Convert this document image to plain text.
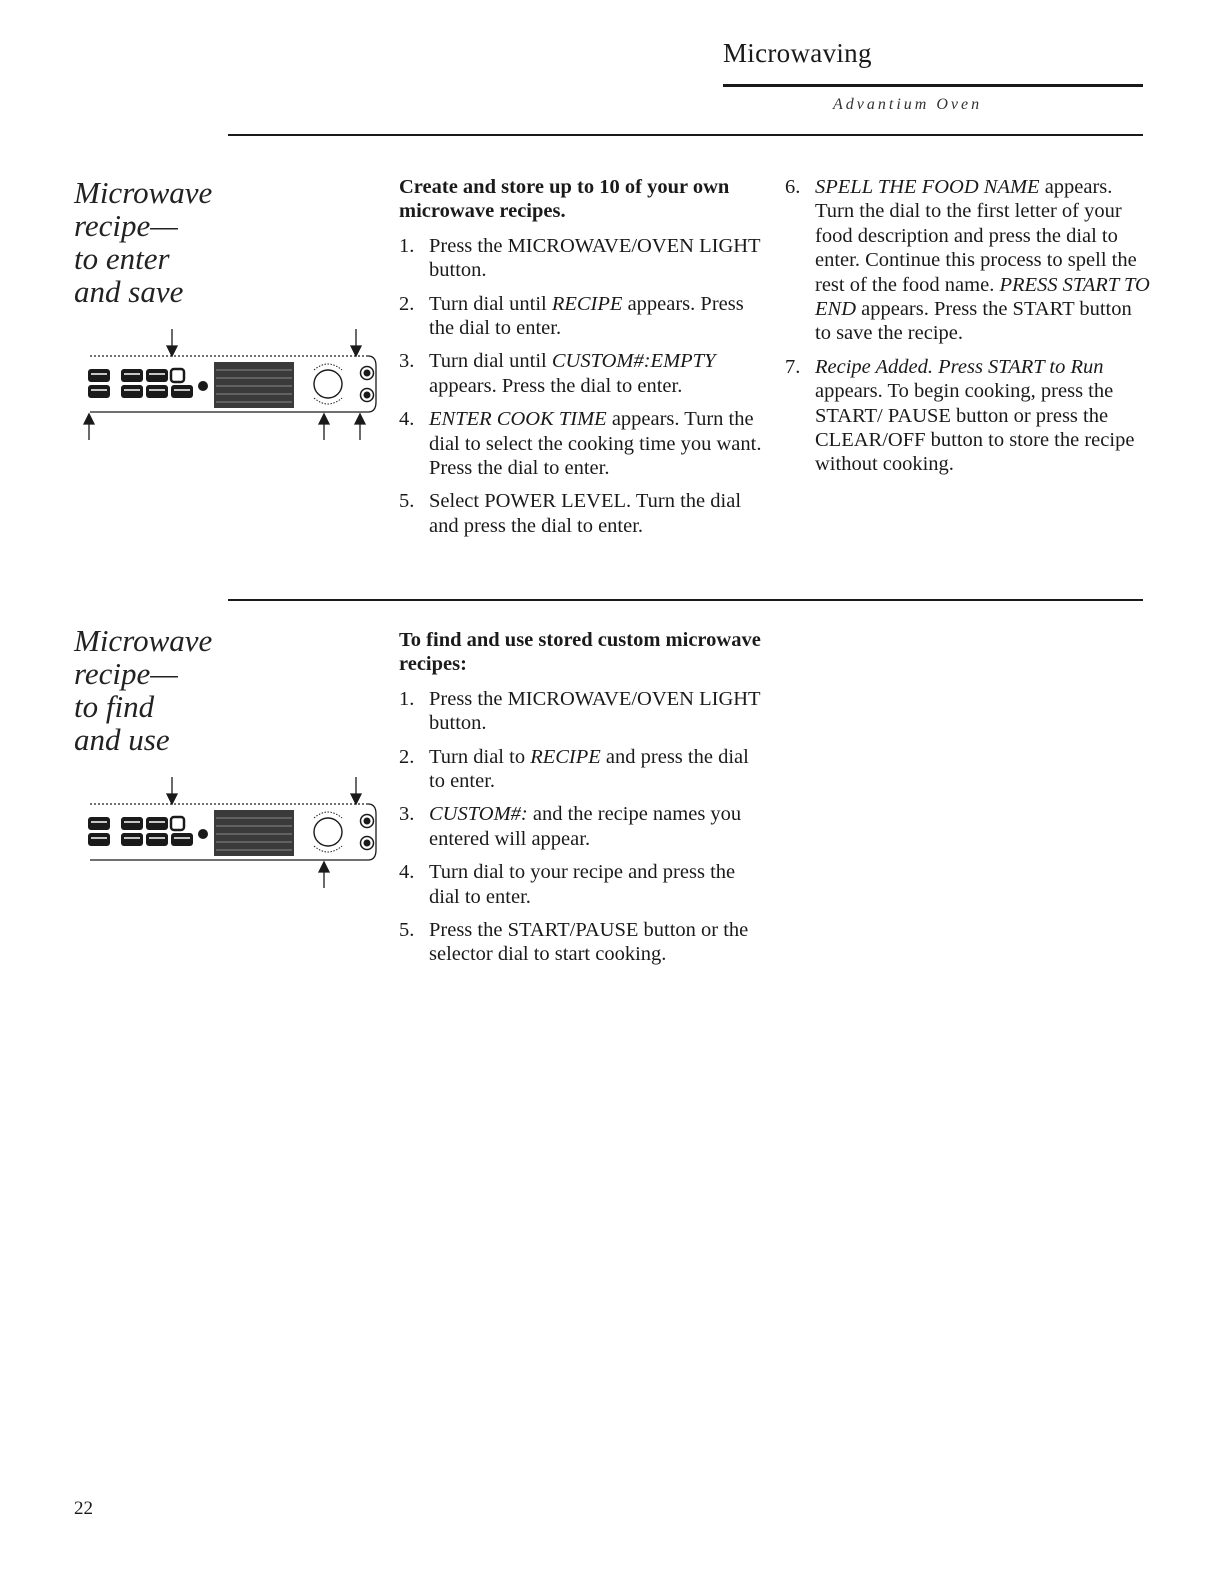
Microwaving
Advantium Oven
Microwave
recipe—
to enter
and save
Create and store up to 10 of your own microwave recipes.
1. Press the MICROWAVE/OVEN LIGHT button.
2. Turn dial until RECIPE appears. Press the dial to enter.
3. Turn dial until CUSTOM#:EMPTY appears. Press the dial to enter.
4. ENTER COOK TIME appears. Turn the dial to select the cooking time you want. Press the dial to enter.
5. Select POWER LEVEL. Turn the dial and press the dial to enter.
6. SPELL THE FOOD NAME appears. Turn the dial to the first letter of your food description and press the dial to enter. Continue this process to spell the rest of the food name. PRESS START TO END appears. Press the START button to save the recipe.
7. Recipe Added. Press START to Run appears. To begin cooking, press the START/ PAUSE button or press the CLEAR/OFF button to store the recipe without cooking.
Microwave
recipe—
to find
and use
To find and use stored custom microwave recipes:
1. Press the MICROWAVE/OVEN LIGHT button.
2. Turn dial to RECIPE and press the dial to enter.
3. CUSTOM#: and the recipe names you entered will appear.
4. Turn dial to your recipe and press the dial to enter.
5. Press the START/PAUSE button or the selector dial to start cooking.
22
